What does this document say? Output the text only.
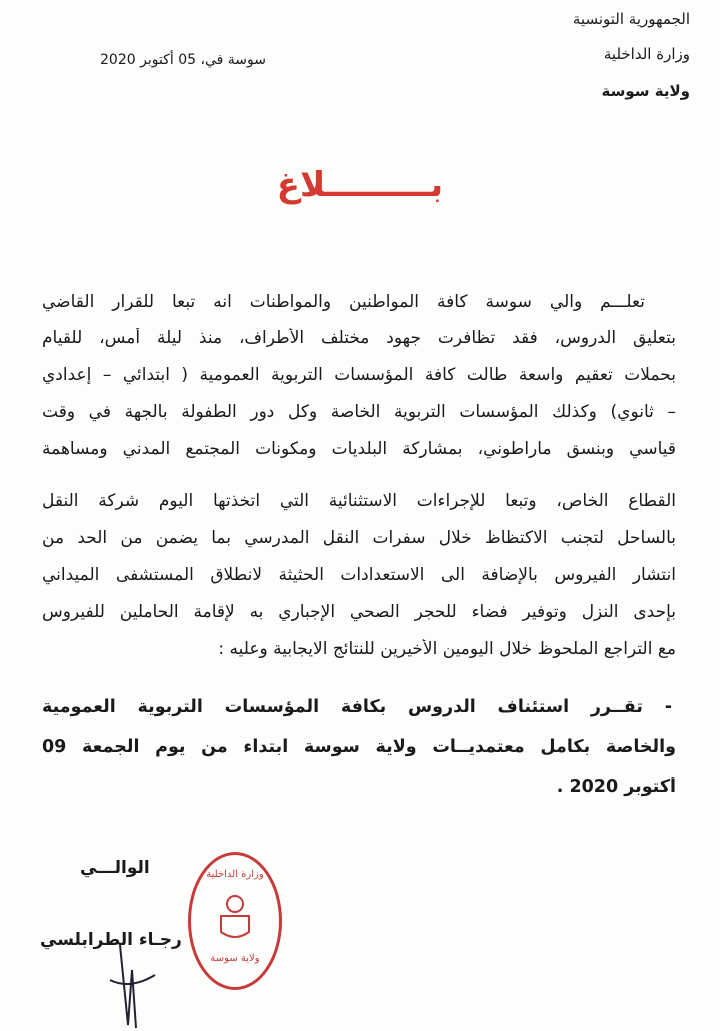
الجمهورية التونسية
وزارة الداخلية
ولاية سوسة
سوسة في، 05 أكتوبر 2020
بـــــــــلاغ
تعلـــم والي سوسة كافة المواطنين والمواطنات انه تبعا للقرار القاضي
بتعليق الدروس، فقد تظافرت جهود مختلف الأطراف، منذ ليلة أمس، للقيام
بحملات تعقيم واسعة طالت كافة المؤسسات التربوية العمومية ( ابتدائي – إعدادي
– ثانوي) وكذلك المؤسسات التربوية الخاصة وكل دور الطفولة بالجهة في وقت
قياسي وبنسق ماراطوني، بمشاركة البلديات ومكونات المجتمع المدني ومساهمة
القطاع الخاص، وتبعا للإجراءات الاستثنائية التي اتخذتها اليوم شركة النقل
بالساحل لتجنب الاكتظاظ خلال سفرات النقل المدرسي بما يضمن من الحد من
انتشار الفيروس بالإضافة الى الاستعدادات الحثيثة لانطلاق المستشفى الميداني
بإحدى النزل وتوفير فضاء للحجر الصحي الإجباري به لإقامة الحاملين للفيروس
مع التراجع الملحوظ خلال اليومين الأخيرين للنتائج الايجابية وعليه :
- تقــرر استئناف الدروس بكافة المؤسسات التربوية العمومية
والخاصة بكامل معتمديــات ولاية سوسة ابتداء من يوم الجمعة 09
أكتوبر 2020 .
الوالـــي
رجـاء الطرابلسي
وزارة الداخلية
ولاية سوسة
